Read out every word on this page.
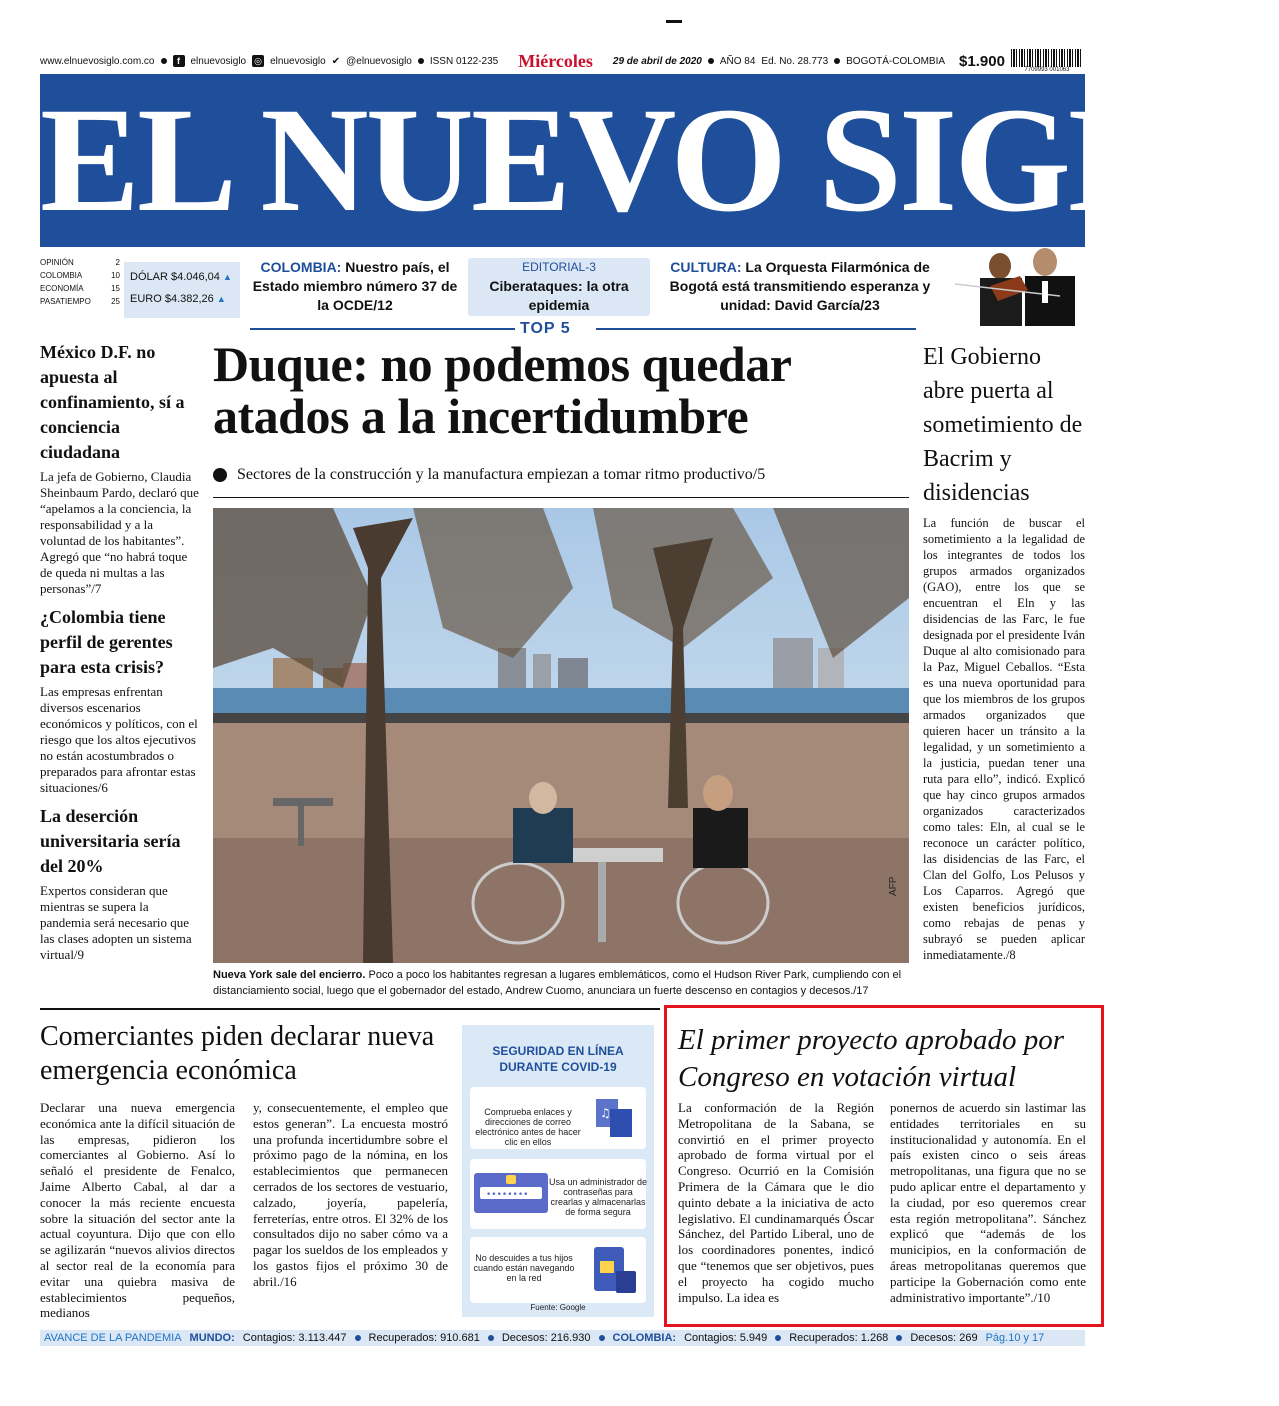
www.elnuevosiglo.com.co	f	elnuevosiglo ◎ elnuevosiglo ✔ @elnuevosiglo ISSN 0122-235 Miércoles 29 de abril de 2020 AÑO 84 Ed. No. 28.773 BOGOTÁ-COLOMBIA $1.900	7709993 001063
EL NUEVO SIGLO
OPINIÓN	2
COLOMBIA	10
ECONOMÍA	15
PASATIEMPO	25
DÓLAR $4.046,04 ▲
EURO $4.382,26 ▲
COLOMBIA: Nuestro país, el Estado miembro número 37 de la OCDE/12
EDITORIAL-3
Ciberataques: la otra epidemia
CULTURA: La Orquesta Filarmónica de Bogotá está transmitiendo esperanza y unidad: David García/23
TOP 5
México D.F. no apuesta al confinamiento, sí a conciencia ciudadana
La jefa de Gobierno, Claudia Sheinbaum Pardo, declaró que “apelamos a la conciencia, la responsabilidad y a la voluntad de los habitantes”. Agregó que “no habrá toque de queda ni multas a las personas”/7
¿Colombia tiene perfil de gerentes para esta crisis?
Las empresas enfrentan diversos escenarios económicos y políticos, con el riesgo que los altos ejecutivos no están acostumbrados o preparados para afrontar estas situaciones/6
La deserción universitaria sería del 20%
Expertos consideran que mientras se supera la pandemia será necesario que las clases adopten un sistema virtual/9
Duque: no podemos quedar atados a la incertidumbre
Sectores de la construcción y la manufactura empiezan a tomar ritmo productivo/5
AFP
Nueva York sale del encierro. Poco a poco los habitantes regresan a lugares emblemáticos, como el Hudson River Park, cumpliendo con el distanciamiento social, luego que el gobernador del estado, Andrew Cuomo, anunciara un fuerte descenso en contagios y decesos./17
El Gobierno abre puerta al sometimiento de Bacrim y disidencias
La función de buscar el sometimiento a la legalidad de los integrantes de todos los grupos armados organizados (GAO), entre los que se encuentran el Eln y las disidencias de las Farc, le fue designada por el presidente Iván Duque al alto comisionado para la Paz, Miguel Ceballos. “Esta es una nueva oportunidad para que los miembros de los grupos armados organizados que quieren hacer un tránsito a la legalidad, y un sometimiento a la justicia, puedan tener una ruta para ello”, indicó. Explicó que hay cinco grupos armados organizados caracterizados como tales: Eln, al cual se le reconoce un carácter político, las disidencias de las Farc, el Clan del Golfo, Los Pelusos y Los Caparros. Agregó que existen beneficios jurídicos, como rebajas de penas y subrayó se pueden aplicar inmediatamente./8
Comerciantes piden declarar nueva emergencia económica
Declarar una nueva emergencia económica ante la difícil situación de las empresas, pidieron los comerciantes al Gobierno. Así lo señaló el presidente de Fenalco, Jaime Alberto Cabal, al dar a conocer la más reciente encuesta sobre la situación del sector ante la actual coyuntura. Dijo que con ello se agilizarán “nuevos alivios directos al sector real de la economía para evitar una quiebra masiva de establecimientos pequeños, medianos
y, consecuentemente, el empleo que estos generan”. La encuesta mostró una profunda incertidumbre sobre el próximo pago de la nómina, en los establecimientos que permanecen cerrados de los sectores de vestuario, calzado, joyería, papelería, ferreterías, entre otros. El 32% de los consultados dijo no saber cómo va a pagar los sueldos de los empleados y los gastos fijos el próximo 30 de abril./16
SEGURIDAD EN LÍNEA DURANTE COVID-19
Comprueba enlaces y direcciones de correo electrónico antes de hacer clic en ellos
♫
••••••••
Usa un administrador de contraseñas para crearlas y almacenarlas de forma segura
No descuides a tus hijos cuando están navegando en la red
Fuente: Google
El primer proyecto aprobado por Congreso en votación virtual
La conformación de la Región Metropolitana de la Sabana, se convirtió en el primer proyecto aprobado de forma virtual por el Congreso. Ocurrió en la Comisión Primera de la Cámara que le dio quinto debate a la iniciativa de acto legislativo. El cundinamarqués Óscar Sánchez, del Partido Liberal, uno de los coordinadores ponentes, indicó que “tenemos que ser objetivos, pues el proyecto ha cogido mucho impulso. La idea es
ponernos de acuerdo sin lastimar las entidades territoriales en su institucionalidad y autonomía. En el país existen cinco o seis áreas metropolitanas, una figura que no se pudo aplicar entre el departamento y la ciudad, por eso queremos crear esta región metropolitana”. Sánchez explicó que “además de los municipios, en la conformación de áreas metropolitanas queremos que participe la Gobernación como ente administrativo importante”./10
AVANCE DE LA PANDEMIA MUNDO: Contagios: 3.113.447 Recuperados: 910.681 Decesos: 216.930 COLOMBIA: Contagios: 5.949 Recuperados: 1.268 Decesos: 269 Pág.10 y 17
